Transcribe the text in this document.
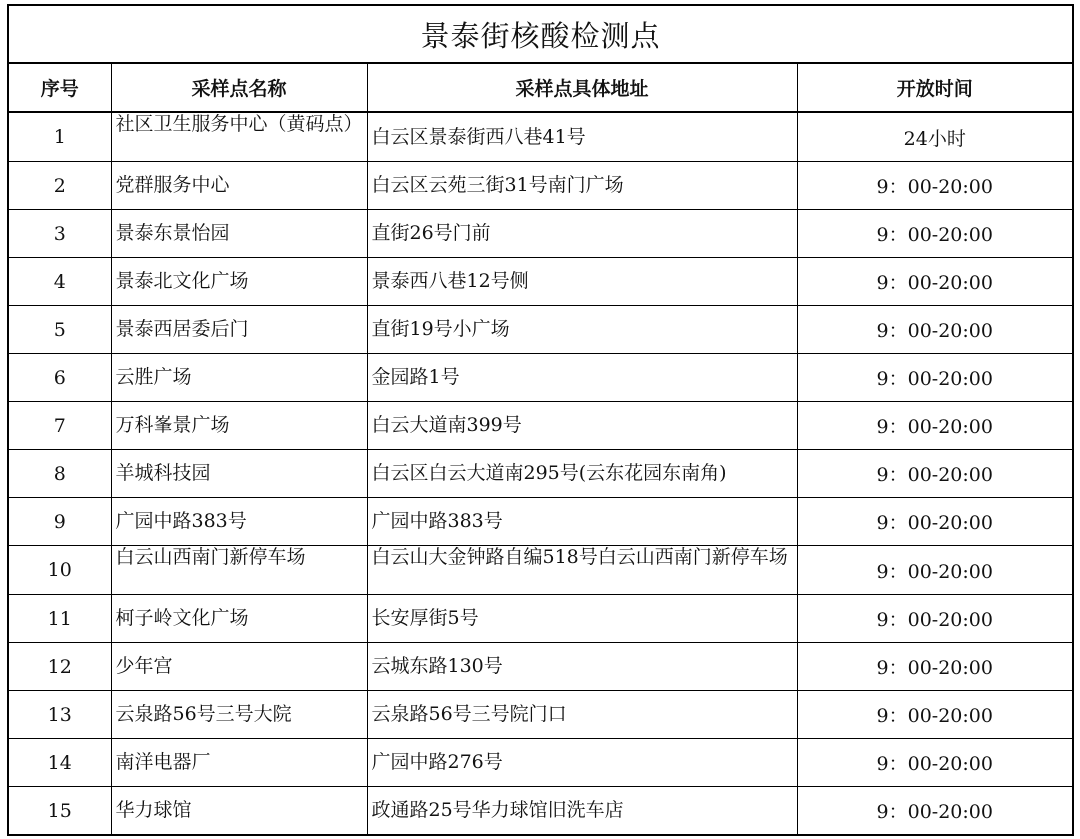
景泰街核酸检测点			
序号	采样点名称	采样点具体地址	开放时间
1	社区卫生服务中心（黄码点）	白云区景泰街西八巷41号	24小时
2	党群服务中心	白云区云苑三街31号南门广场	9：00-20:00
3	景泰东景怡园	直街26号门前	9：00-20:00
4	景泰北文化广场	景泰西八巷12号侧	9：00-20:00
5	景泰西居委后门	直街19号小广场	9：00-20:00
6	云胜广场	金园路1号	9：00-20:00
7	万科峯景广场	白云大道南399号	9：00-20:00
8	羊城科技园	白云区白云大道南295号(云东花园东南角)	9：00-20:00
9	广园中路383号	广园中路383号	9：00-20:00
10	白云山西南门新停车场	白云山大金钟路自编518号白云山西南门新停车场	9：00-20:00
11	柯子岭文化广场	长安厚街5号	9：00-20:00
12	少年宫	云城东路130号	9：00-20:00
13	云泉路56号三号大院	云泉路56号三号院门口	9：00-20:00
14	南洋电器厂	广园中路276号	9：00-20:00
15	华力球馆	政通路25号华力球馆旧洗车店	9：00-20:00
